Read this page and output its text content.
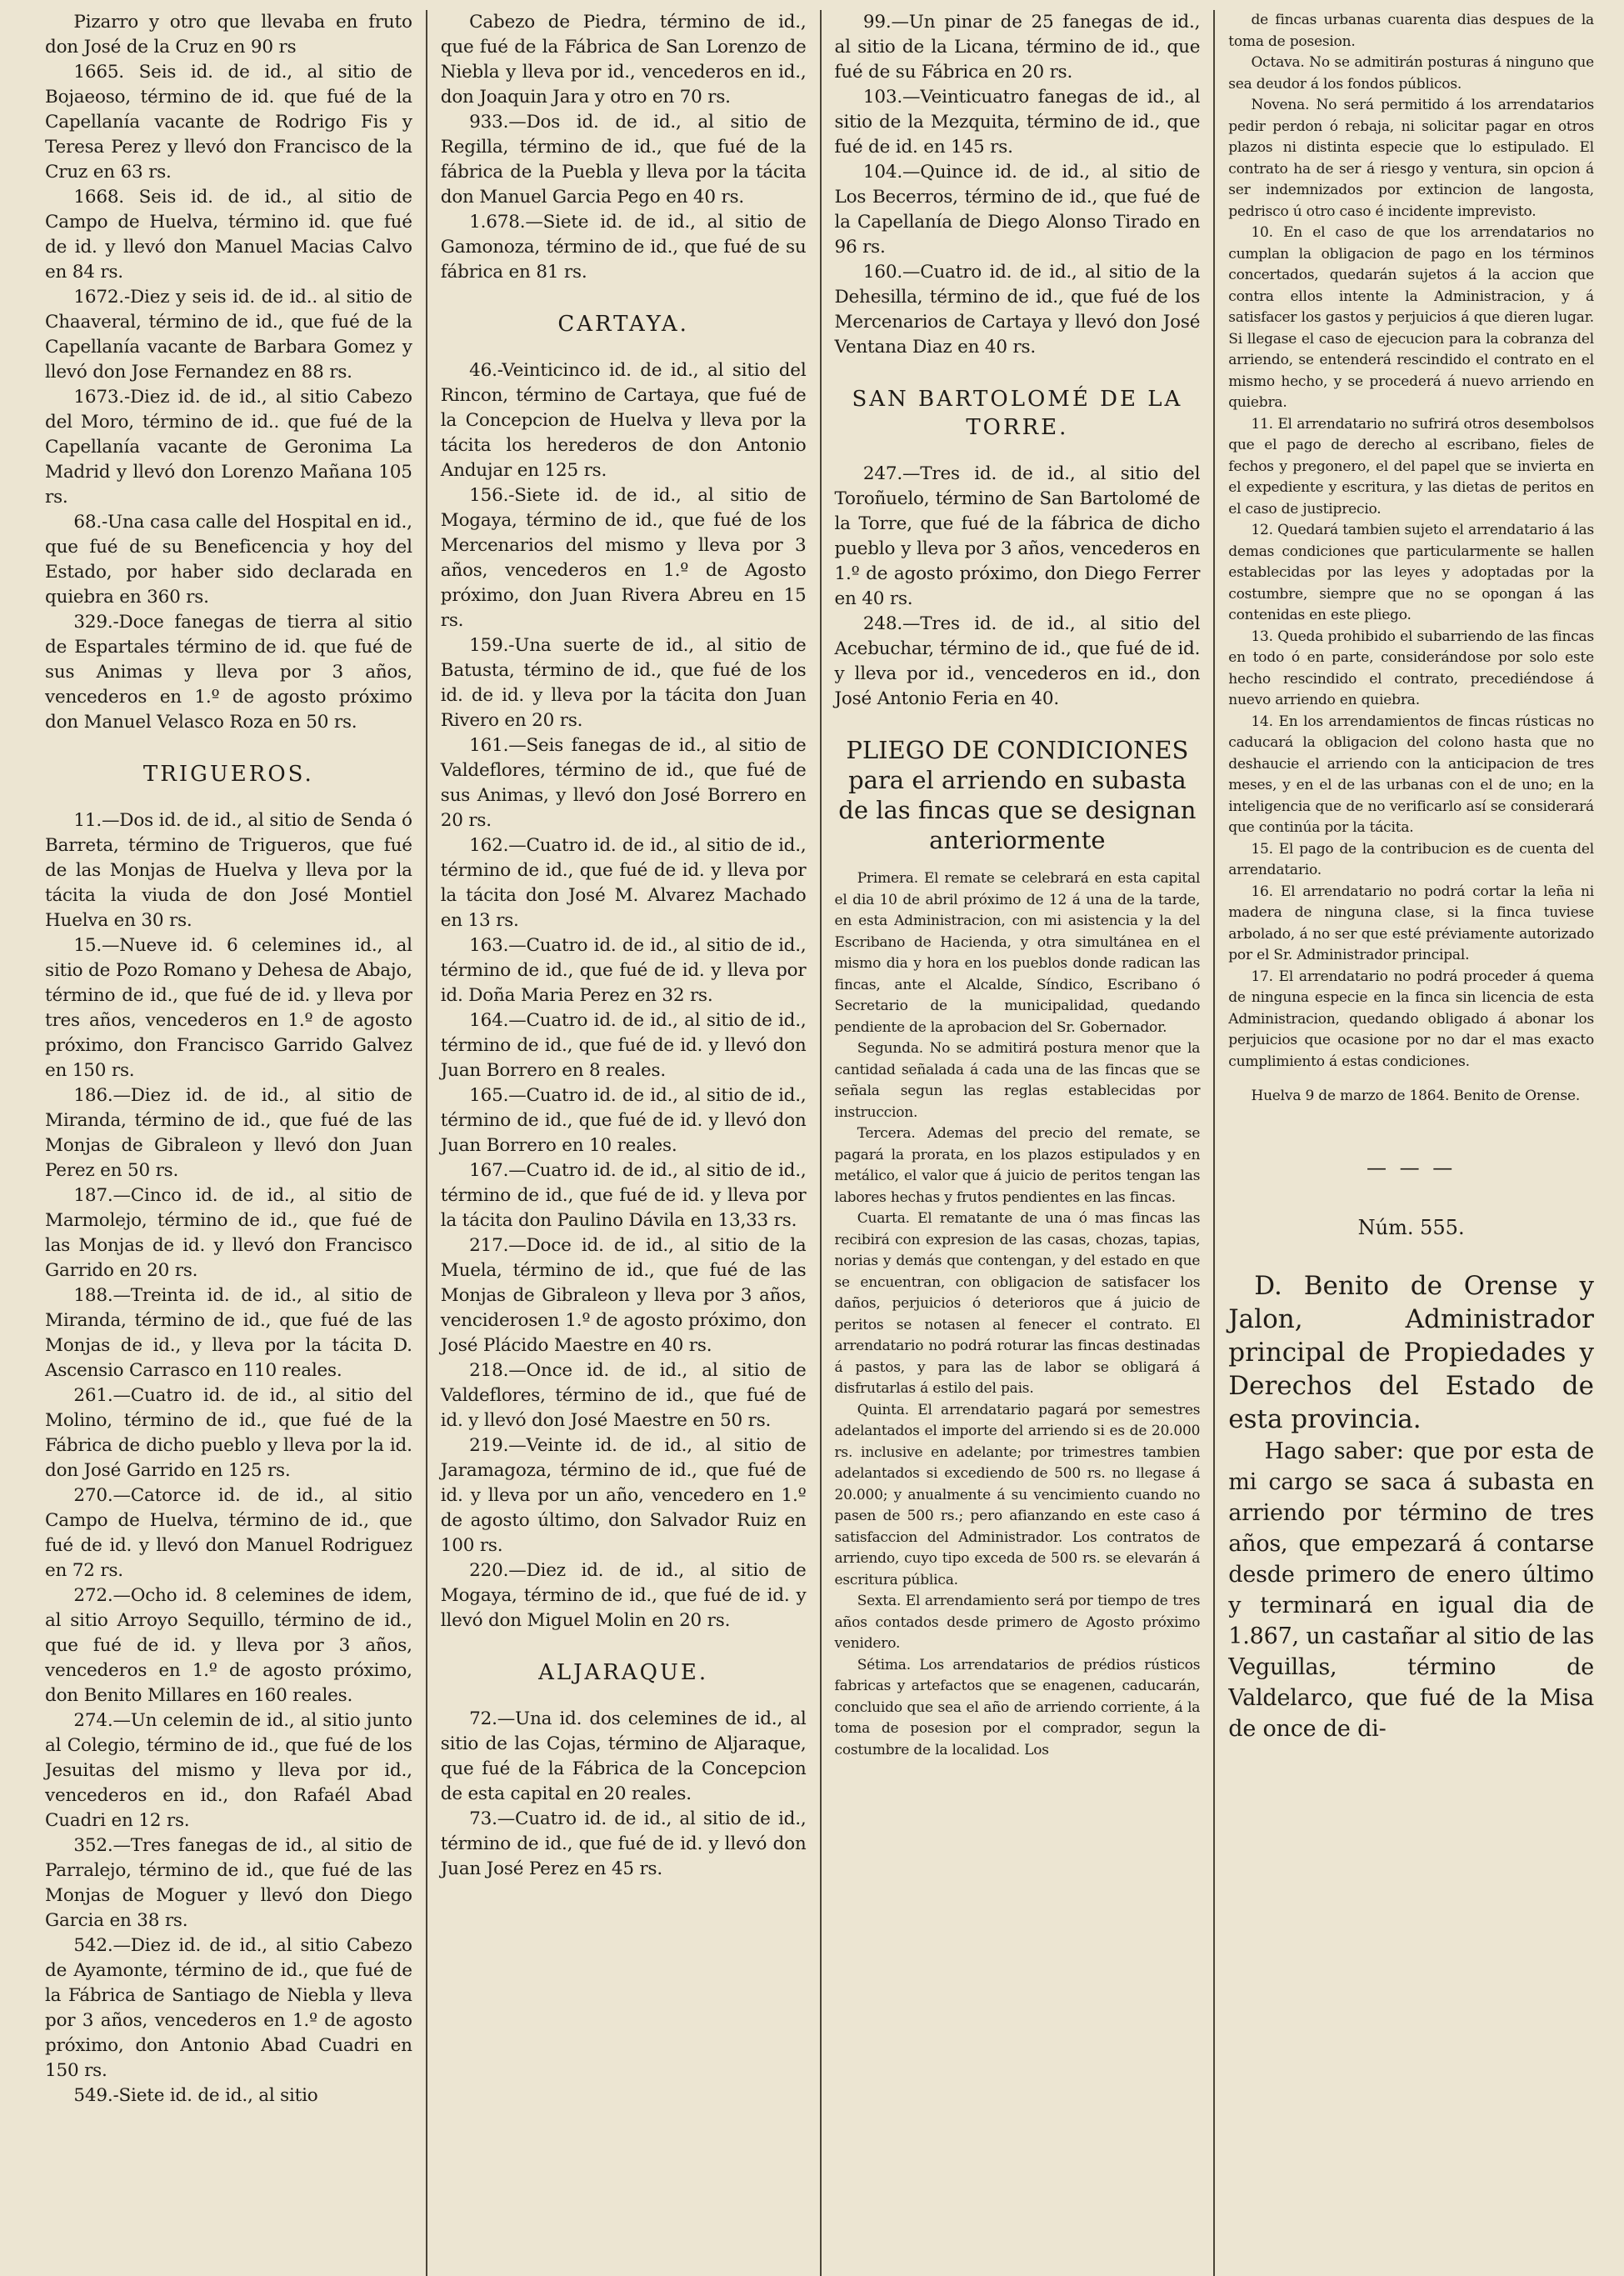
Pizarro y otro que llevaba en fruto don José de la Cruz en 90 rs

1665. Seis id. de id., al sitio de Bojaeoso, término de id. que fué de la Capellanía vacante de Rodrigo Fis y Teresa Perez y llevó don Francisco de la Cruz en 63 rs.

1668. Seis id. de id., al sitio de Campo de Huelva, término id. que fué de id. y llevó don Manuel Macias Calvo en 84 rs.

1672.-Diez y seis id. de id.. al sitio de Chaaveral, término de id., que fué de la Capellanía vacante de Barbara Gomez y llevó don Jose Fernandez en 88 rs.

1673.-Diez id. de id., al sitio Cabezo del Moro, término de id.. que fué de la Capellanía vacante de Geronima La Madrid y llevó don Lorenzo Mañana 105 rs.

68.-Una casa calle del Hospital en id., que fué de su Beneficencia y hoy del Estado, por haber sido declarada en quiebra en 360 rs.

329.-Doce fanegas de tierra al sitio de Espartales término de id. que fué de sus Animas y lleva por 3 años, vencederos en 1.º de agosto próximo don Manuel Velasco Roza en 50 rs.

TRIGUEROS.

11.—Dos id. de id., al sitio de Senda ó Barreta, término de Trigueros, que fué de las Monjas de Huelva y lleva por la tácita la viuda de don José Montiel Huelva en 30 rs.

15.—Nueve id. 6 celemines id., al sitio de Pozo Romano y Dehesa de Abajo, término de id., que fué de id. y lleva por tres años, vencederos en 1.º de agosto próximo, don Francisco Garrido Galvez en 150 rs.

186.—Diez id. de id., al sitio de Miranda, término de id., que fué de las Monjas de Gibraleon y llevó don Juan Perez en 50 rs.

187.—Cinco id. de id., al sitio de Marmolejo, término de id., que fué de las Monjas de id. y llevó don Francisco Garrido en 20 rs.

188.—Treinta id. de id., al sitio de Miranda, término de id., que fué de las Monjas de id., y lleva por la tácita D. Ascensio Carrasco en 110 reales.

261.—Cuatro id. de id., al sitio del Molino, término de id., que fué de la Fábrica de dicho pueblo y lleva por la id. don José Garrido en 125 rs.

270.—Catorce id. de id., al sitio Campo de Huelva, término de id., que fué de id. y llevó don Manuel Rodriguez en 72 rs.

272.—Ocho id. 8 celemines de idem, al sitio Arroyo Sequillo, término de id., que fué de id. y lleva por 3 años, vencederos en 1.º de agosto próximo, don Benito Millares en 160 reales.

274.—Un celemin de id., al sitio junto al Colegio, término de id., que fué de los Jesuitas del mismo y lleva por id., vencederos en id., don Rafaél Abad Cuadri en 12 rs.

352.—Tres fanegas de id., al sitio de Parralejo, término de id., que fué de las Monjas de Moguer y llevó don Diego Garcia en 38 rs.

542.—Diez id. de id., al sitio Cabezo de Ayamonte, término de id., que fué de la Fábrica de Santiago de Niebla y lleva por 3 años, vencederos en 1.º de agosto próximo, don Antonio Abad Cuadri en 150 rs.

549.-Siete id. de id., al sitio

Cabezo de Piedra, término de id., que fué de la Fábrica de San Lorenzo de Niebla y lleva por id., vencederos en id., don Joaquin Jara y otro en 70 rs.

933.—Dos id. de id., al sitio de Regilla, término de id., que fué de la fábrica de la Puebla y lleva por la tácita don Manuel Garcia Pego en 40 rs.

1.678.—Siete id. de id., al sitio de Gamonoza, término de id., que fué de su fábrica en 81 rs.

CARTAYA.

46.-Veinticinco id. de id., al sitio del Rincon, término de Cartaya, que fué de la Concepcion de Huelva y lleva por la tácita los herederos de don Antonio Andujar en 125 rs.

156.-Siete id. de id., al sitio de Mogaya, término de id., que fué de los Mercenarios del mismo y lleva por 3 años, vencederos en 1.º de Agosto próximo, don Juan Rivera Abreu en 15 rs.

159.-Una suerte de id., al sitio de Batusta, término de id., que fué de los id. de id. y lleva por la tácita don Juan Rivero en 20 rs.

161.—Seis fanegas de id., al sitio de Valdeflores, término de id., que fué de sus Animas, y llevó don José Borrero en 20 rs.

162.—Cuatro id. de id., al sitio de id., término de id., que fué de id. y lleva por la tácita don José M. Alvarez Machado en 13 rs.

163.—Cuatro id. de id., al sitio de id., término de id., que fué de id. y lleva por id. Doña Maria Perez en 32 rs.

164.—Cuatro id. de id., al sitio de id., término de id., que fué de id. y llevó don Juan Borrero en 8 reales.

165.—Cuatro id. de id., al sitio de id., término de id., que fué de id. y llevó don Juan Borrero en 10 reales.

167.—Cuatro id. de id., al sitio de id., término de id., que fué de id. y lleva por la tácita don Paulino Dávila en 13,33 rs.

217.—Doce id. de id., al sitio de la Muela, término de id., que fué de las Monjas de Gibraleon y lleva por 3 años, venciderosen 1.º de agosto próximo, don José Plácido Maestre en 40 rs.

218.—Once id. de id., al sitio de Valdeflores, término de id., que fué de id. y llevó don José Maestre en 50 rs.

219.—Veinte id. de id., al sitio de Jaramagoza, término de id., que fué de id. y lleva por un año, vencedero en 1.º de agosto último, don Salvador Ruiz en 100 rs.

220.—Diez id. de id., al sitio de Mogaya, término de id., que fué de id. y llevó don Miguel Molin en 20 rs.

ALJARAQUE.

72.—Una id. dos celemines de id., al sitio de las Cojas, término de Aljaraque, que fué de la Fábrica de la Concepcion de esta capital en 20 reales.

73.—Cuatro id. de id., al sitio de id., término de id., que fué de id. y llevó don Juan José Perez en 45 rs.

99.—Un pinar de 25 fanegas de id., al sitio de la Licana, término de id., que fué de su Fábrica en 20 rs.

103.—Veinticuatro fanegas de id., al sitio de la Mezquita, término de id., que fué de id. en 145 rs.

104.—Quince id. de id., al sitio de Los Becerros, término de id., que fué de la Capellanía de Diego Alonso Tirado en 96 rs.

160.—Cuatro id. de id., al sitio de la Dehesilla, término de id., que fué de los Mercenarios de Cartaya y llevó don José Ventana Diaz en 40 rs.

SAN BARTOLOMÉ DE LA TORRE.

247.—Tres id. de id., al sitio del Toroñuelo, término de San Bartolomé de la Torre, que fué de la fábrica de dicho pueblo y lleva por 3 años, vencederos en 1.º de agosto próximo, don Diego Ferrer en 40 rs.

248.—Tres id. de id., al sitio del Acebuchar, término de id., que fué de id. y lleva por id., vencederos en id., don José Antonio Feria en 40.

PLIEGO DE CONDICIONES para el arriendo en subasta de las fincas que se designan anteriormente

Primera. El remate se celebrará en esta capital el dia 10 de abril próximo de 12 á una de la tarde, en esta Administracion, con mi asistencia y la del Escribano de Hacienda, y otra simultánea en el mismo dia y hora en los pueblos donde radican las fincas, ante el Alcalde, Síndico, Escribano ó Secretario de la municipalidad, quedando pendiente de la aprobacion del Sr. Gobernador.

Segunda. No se admitirá postura menor que la cantidad señalada á cada una de las fincas que se señala segun las reglas establecidas por instruccion.

Tercera. Ademas del precio del remate, se pagará la prorata, en los plazos estipulados y en metálico, el valor que á juicio de peritos tengan las labores hechas y frutos pendientes en las fincas.

Cuarta. El rematante de una ó mas fincas las recibirá con expresion de las casas, chozas, tapias, norias y demás que contengan, y del estado en que se encuentran, con obligacion de satisfacer los daños, perjuicios ó deterioros que á juicio de peritos se notasen al fenecer el contrato. El arrendatario no podrá roturar las fincas destinadas á pastos, y para las de labor se obligará á disfrutarlas á estilo del pais.

Quinta. El arrendatario pagará por semestres adelantados el importe del arriendo si es de 20.000 rs. inclusive en adelante; por trimestres tambien adelantados si excediendo de 500 rs. no llegase á 20.000; y anualmente á su vencimiento cuando no pasen de 500 rs.; pero afianzando en este caso á satisfaccion del Administrador. Los contratos de arriendo, cuyo tipo exceda de 500 rs. se elevarán á escritura pública.

Sexta. El arrendamiento será por tiempo de tres años contados desde primero de Agosto próximo venidero.

Sétima. Los arrendatarios de prédios rústicos fabricas y artefactos que se enagenen, caducarán, concluido que sea el año de arriendo corriente, á la toma de posesion por el comprador, segun la costumbre de la localidad. Los

de fincas urbanas cuarenta dias despues de la toma de posesion.

Octava. No se admitirán posturas á ninguno que sea deudor á los fondos públicos.

Novena. No será permitido á los arrendatarios pedir perdon ó rebaja, ni solicitar pagar en otros plazos ni distinta especie que lo estipulado. El contrato ha de ser á riesgo y ventura, sin opcion á ser indemnizados por extincion de langosta, pedrisco ú otro caso é incidente imprevisto.

10. En el caso de que los arrendatarios no cumplan la obligacion de pago en los términos concertados, quedarán sujetos á la accion que contra ellos intente la Administracion, y á satisfacer los gastos y perjuicios á que dieren lugar. Si llegase el caso de ejecucion para la cobranza del arriendo, se entenderá rescindido el contrato en el mismo hecho, y se procederá á nuevo arriendo en quiebra.

11. El arrendatario no sufrirá otros desembolsos que el pago de derecho al escribano, fieles de fechos y pregonero, el del papel que se invierta en el expediente y escritura, y las dietas de peritos en el caso de justiprecio.

12. Quedará tambien sujeto el arrendatario á las demas condiciones que particularmente se hallen establecidas por las leyes y adoptadas por la costumbre, siempre que no se opongan á las contenidas en este pliego.

13. Queda prohibido el subarriendo de las fincas en todo ó en parte, considerándose por solo este hecho rescindido el contrato, precediéndose á nuevo arriendo en quiebra.

14. En los arrendamientos de fincas rústicas no caducará la obligacion del colono hasta que no deshaucie el arriendo con la anticipacion de tres meses, y en el de las urbanas con el de uno; en la inteligencia que de no verificarlo así se considerará que continúa por la tácita.

15. El pago de la contribucion es de cuenta del arrendatario.

16. El arrendatario no podrá cortar la leña ni madera de ninguna clase, si la finca tuviese arbolado, á no ser que esté préviamente autorizado por el Sr. Administrador principal.

17. El arrendatario no podrá proceder á quema de ninguna especie en la finca sin licencia de esta Administracion, quedando obligado á abonar los perjuicios que ocasione por no dar el mas exacto cumplimiento á estas condiciones.

Huelva 9 de marzo de 1864. Benito de Orense.

— — —
Núm. 555.

D. Benito de Orense y Jalon, Administrador principal de Propiedades y Derechos del Estado de esta provincia.

Hago saber: que por esta de mi cargo se saca á subasta en arriendo por término de tres años, que empezará á contarse desde primero de enero último y terminará en igual dia de 1.867, un castañar al sitio de las Veguillas, término de Valdelarco, que fué de la Misa de once de di-
